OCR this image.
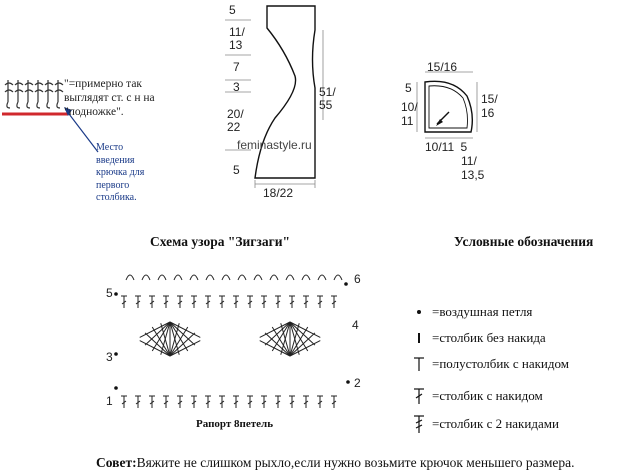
"=примерно так
выглядят ст. с н на
"подножке".
Место
введения
крючка для
первого
столбика.
5
11/
13
7
3
20/
22
5
51/
55
feminastyle.ru
18/22
15/16
5
10/
11
15/
16
10/11 5
11/
13,5
Схема узора "Зигзаги"	Условные обозначения
5
3
1
6
4
2
Рапорт 8петель
=воздушная петля
=столбик без накида
=полустолбик с накидом
=столбик с накидом
=столбик с 2 накидами
Совет:Вяжите не слишком рыхло,если нужно возьмите крючок меньшего размера.
